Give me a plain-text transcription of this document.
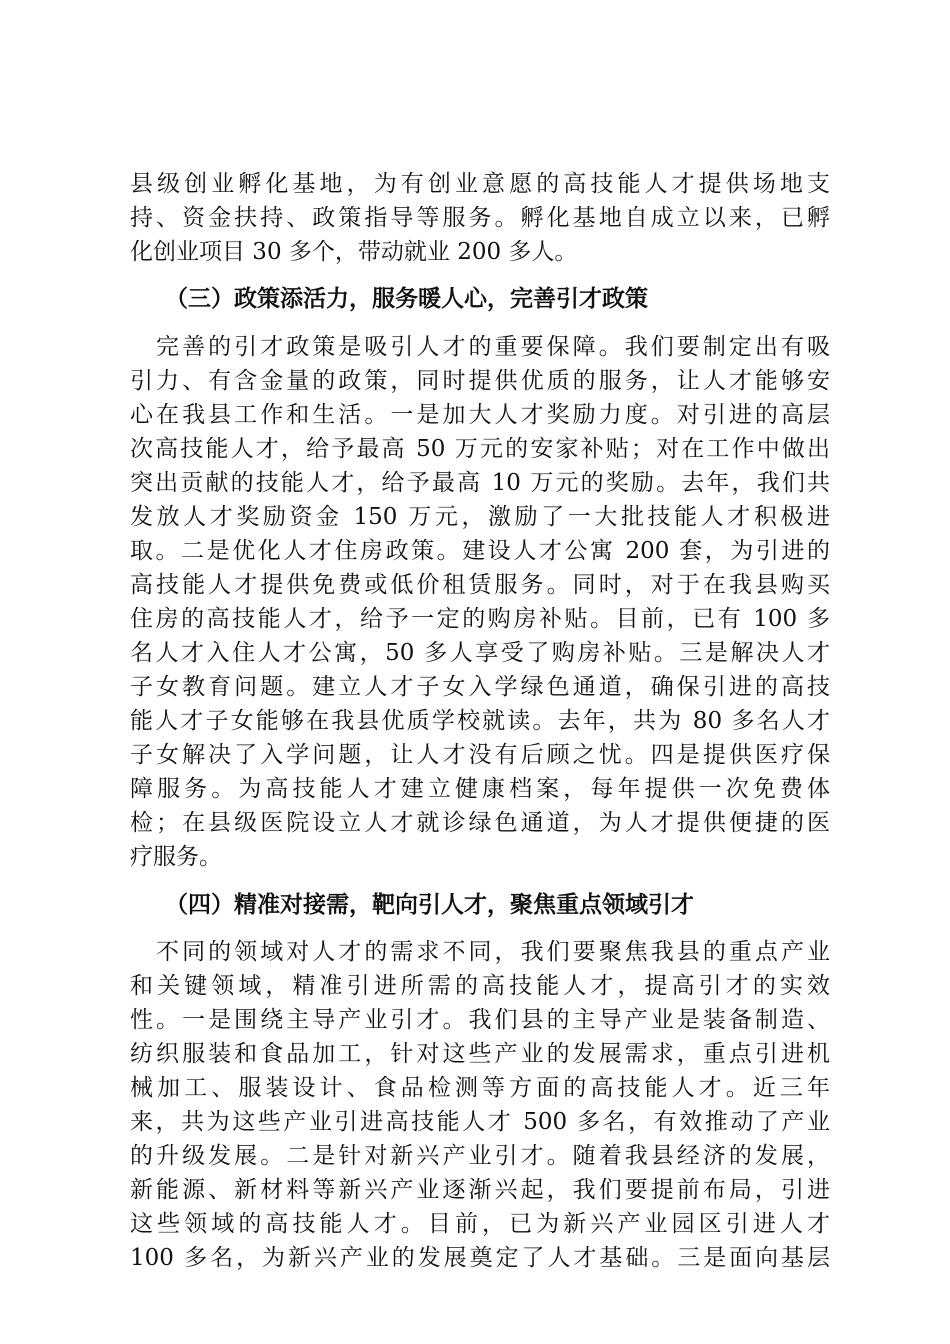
县级创业孵化基地，为有创业意愿的高技能人才提供场地支
持、资金扶持、政策指导等服务。孵化基地自成立以来，已孵
化创业项目 30 多个，带动就业 200 多人。
（三）政策添活力，服务暖人心，完善引才政策
　完善的引才政策是吸引人才的重要保障。我们要制定出有吸
引力、有含金量的政策，同时提供优质的服务，让人才能够安
心在我县工作和生活。一是加大人才奖励力度。对引进的高层
次高技能人才，给予最高 50 万元的安家补贴；对在工作中做出
突出贡献的技能人才，给予最高 10 万元的奖励。去年，我们共
发放人才奖励资金 150 万元，激励了一大批技能人才积极进
取。二是优化人才住房政策。建设人才公寓 200 套，为引进的
高技能人才提供免费或低价租赁服务。同时，对于在我县购买
住房的高技能人才，给予一定的购房补贴。目前，已有 100 多
名人才入住人才公寓，50 多人享受了购房补贴。三是解决人才
子女教育问题。建立人才子女入学绿色通道，确保引进的高技
能人才子女能够在我县优质学校就读。去年，共为 80 多名人才
子女解决了入学问题，让人才没有后顾之忧。四是提供医疗保
障服务。为高技能人才建立健康档案，每年提供一次免费体
检；在县级医院设立人才就诊绿色通道，为人才提供便捷的医
疗服务。
（四）精准对接需，靶向引人才，聚焦重点领域引才
　不同的领域对人才的需求不同，我们要聚焦我县的重点产业
和关键领域，精准引进所需的高技能人才，提高引才的实效
性。一是围绕主导产业引才。我们县的主导产业是装备制造、
纺织服装和食品加工，针对这些产业的发展需求，重点引进机
械加工、服装设计、食品检测等方面的高技能人才。近三年
来，共为这些产业引进高技能人才 500 多名，有效推动了产业
的升级发展。二是针对新兴产业引才。随着我县经济的发展，
新能源、新材料等新兴产业逐渐兴起，我们要提前布局，引进
这些领域的高技能人才。目前，已为新兴产业园区引进人才
100 多名，为新兴产业的发展奠定了人才基础。三是面向基层
